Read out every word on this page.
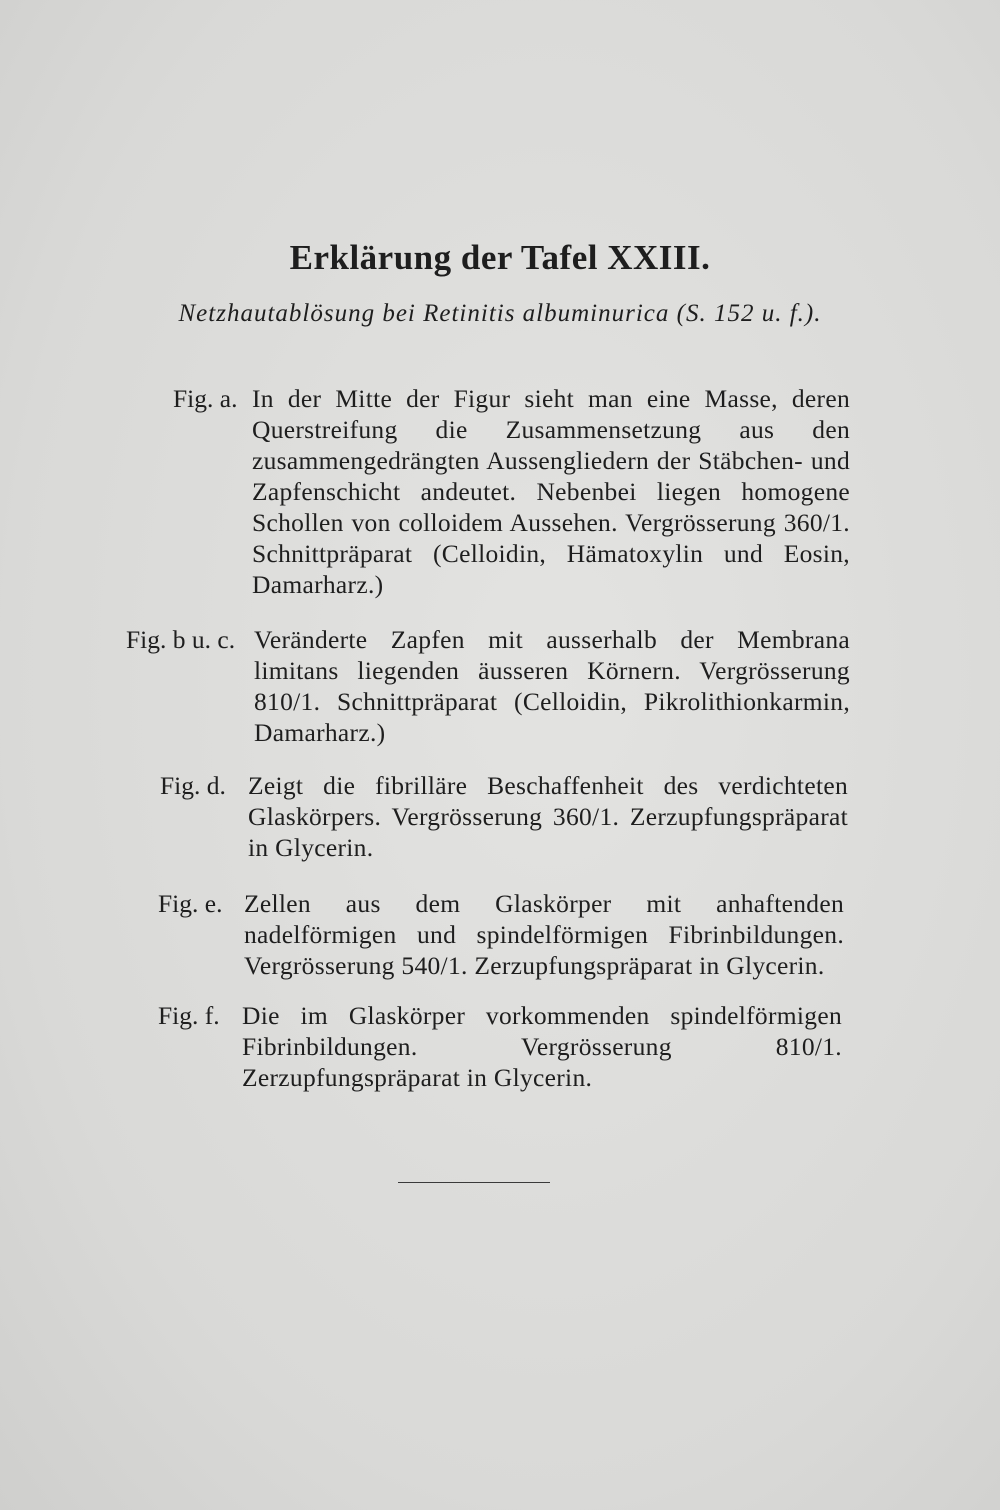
Erklärung der Tafel XXIII.
Netzhautablösung bei Retinitis albuminurica (S. 152 u. f.).
Fig. a. In der Mitte der Figur sieht man eine Masse, deren Querstreifung die Zusammensetzung aus den zusammengedrängten Aussengliedern der Stäbchen- und Zapfenschicht andeutet. Nebenbei liegen homogene Schollen von colloidem Aussehen. Vergrösserung 360/1. Schnittpräparat (Celloidin, Hämatoxylin und Eosin, Damarharz.)
Fig. b u. c. Veränderte Zapfen mit ausserhalb der Membrana limitans liegenden äusseren Körnern. Vergrösserung 810/1. Schnittpräparat (Celloidin, Pikrolithionkarmin, Damarharz.)
Fig. d. Zeigt die fibrilläre Beschaffenheit des verdichteten Glaskörpers. Vergrösserung 360/1. Zerzupfungspräparat in Glycerin.
Fig. e. Zellen aus dem Glaskörper mit anhaftenden nadelförmigen und spindelförmigen Fibrinbildungen. Vergrösserung 540/1. Zerzupfungspräparat in Glycerin.
Fig. f. Die im Glaskörper vorkommenden spindelförmigen Fibrinbildungen. Vergrösserung 810/1. Zerzupfungspräparat in Glycerin.
